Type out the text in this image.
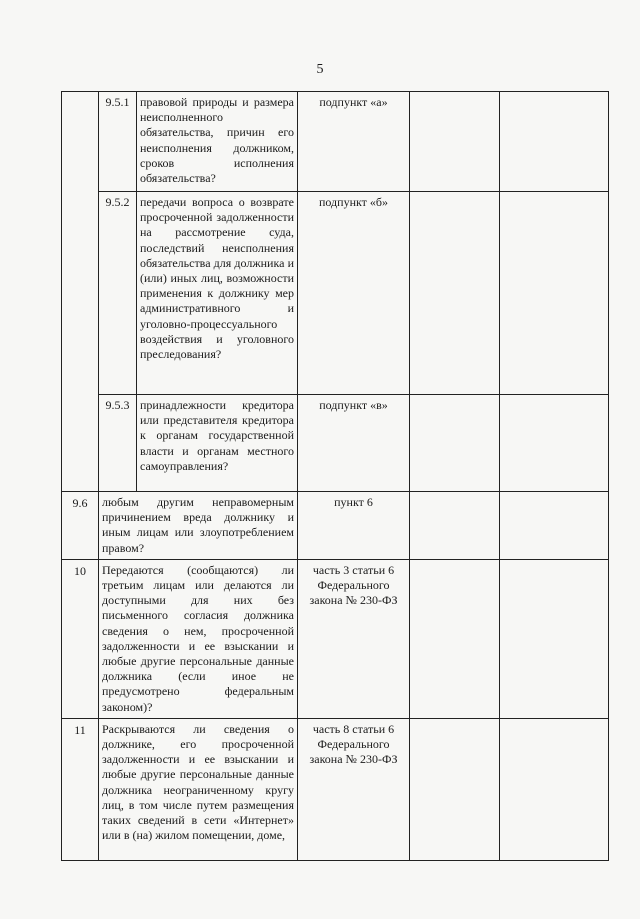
5
	9.5.1	правовой природы и размера неисполненного обязательства, причин его неисполнения должником, сроков исполнения обязательства?	подпункт «а»		
	9.5.2	передачи вопроса о возврате просроченной задолженности на рассмотрение суда, последствий неисполнения обязательства для должника и (или) иных лиц, возможности применения к должнику мер административного и уголовно-процессуального воздействия и уголовного преследования?	подпункт «б»		
	9.5.3	принадлежности кредитора или представителя кредитора к органам государственной власти и органам местного самоуправления?	подпункт «в»		
9.6	любым другим неправомерным причинением вреда должнику и иным лицам или злоупотреблением правом?		пункт 6		
10	Передаются (сообщаются) ли третьим лицам или делаются ли доступными для них без письменного согласия должника сведения о нем, просроченной задолженности и ее взыскании и любые другие персональные данные должника (если иное не предусмотрено федеральным законом)?		часть 3 статьи 6 Федерального закона № 230-ФЗ		
11	Раскрываются ли сведения о должнике, его просроченной задолженности и ее взыскании и любые другие персональные данные должника неограниченному кругу лиц, в том числе путем размещения таких сведений в сети «Интернет» или в (на) жилом помещении, доме,		часть 8 статьи 6 Федерального закона № 230-ФЗ		
